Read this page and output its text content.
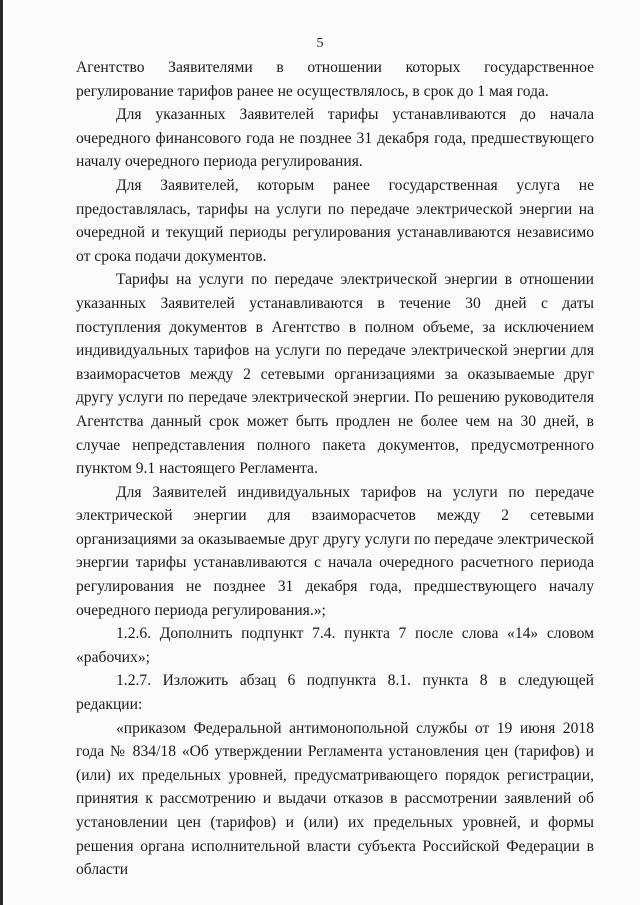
5

Агентство Заявителями в отношении которых государственное регулирование тарифов ранее не осуществлялось, в срок до 1 мая года.

Для указанных Заявителей тарифы устанавливаются до начала очередного финансового года не позднее 31 декабря года, предшествующего началу очередного периода регулирования.

Для Заявителей, которым ранее государственная услуга не предоставлялась, тарифы на услуги по передаче электрической энергии на очередной и текущий периоды регулирования устанавливаются независимо от срока подачи документов.

Тарифы на услуги по передаче электрической энергии в отношении указанных Заявителей устанавливаются в течение 30 дней с даты поступления документов в Агентство в полном объеме, за исключением индивидуальных тарифов на услуги по передаче электрической энергии для взаиморасчетов между 2 сетевыми организациями за оказываемые друг другу услуги по передаче электрической энергии. По решению руководителя Агентства данный срок может быть продлен не более чем на 30 дней, в случае непредставления полного пакета документов, предусмотренного пунктом 9.1 настоящего Регламента.

Для Заявителей индивидуальных тарифов на услуги по передаче электрической энергии для взаиморасчетов между 2 сетевыми организациями за оказываемые друг другу услуги по передаче электрической энергии тарифы устанавливаются с начала очередного расчетного периода регулирования не позднее 31 декабря года, предшествующего началу очередного периода регулирования.»;

1.2.6. Дополнить подпункт 7.4. пункта 7 после слова «14» словом «рабочих»;

1.2.7. Изложить абзац 6 подпункта 8.1. пункта 8 в следующей редакции:

«приказом Федеральной антимонопольной службы от 19 июня 2018 года № 834/18 «Об утверждении Регламента установления цен (тарифов) и (или) их предельных уровней, предусматривающего порядок регистрации, принятия к рассмотрению и выдачи отказов в рассмотрении заявлений об установлении цен (тарифов) и (или) их предельных уровней, и формы решения органа исполнительной власти субъекта Российской Федерации в области
